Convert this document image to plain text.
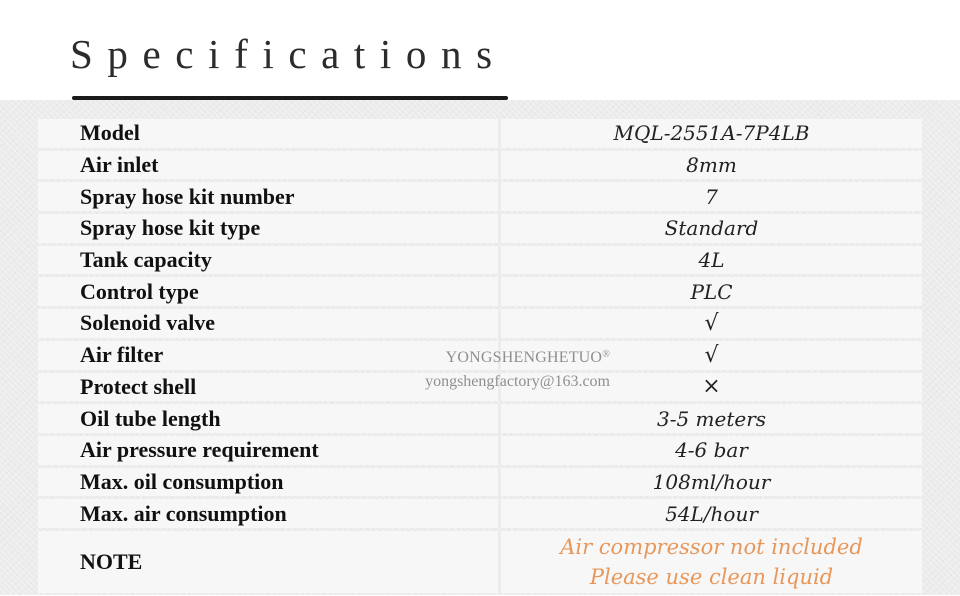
Specifications
Model	MQL-2551A-7P4LB
Air inlet	8mm
Spray hose kit number	7
Spray hose kit type	Standard
Tank capacity	4L
Control type	PLC
Solenoid valve	√
Air filter	√
Protect shell	×
Oil tube length	3-5 meters
Air pressure requirement	4-6 bar
Max. oil consumption	108ml/hour
Max. air consumption	54L/hour
NOTE	Air compressor not included
Please use clean liquid
YONGSHENGHETUO®
yongshengfactory@163.com
